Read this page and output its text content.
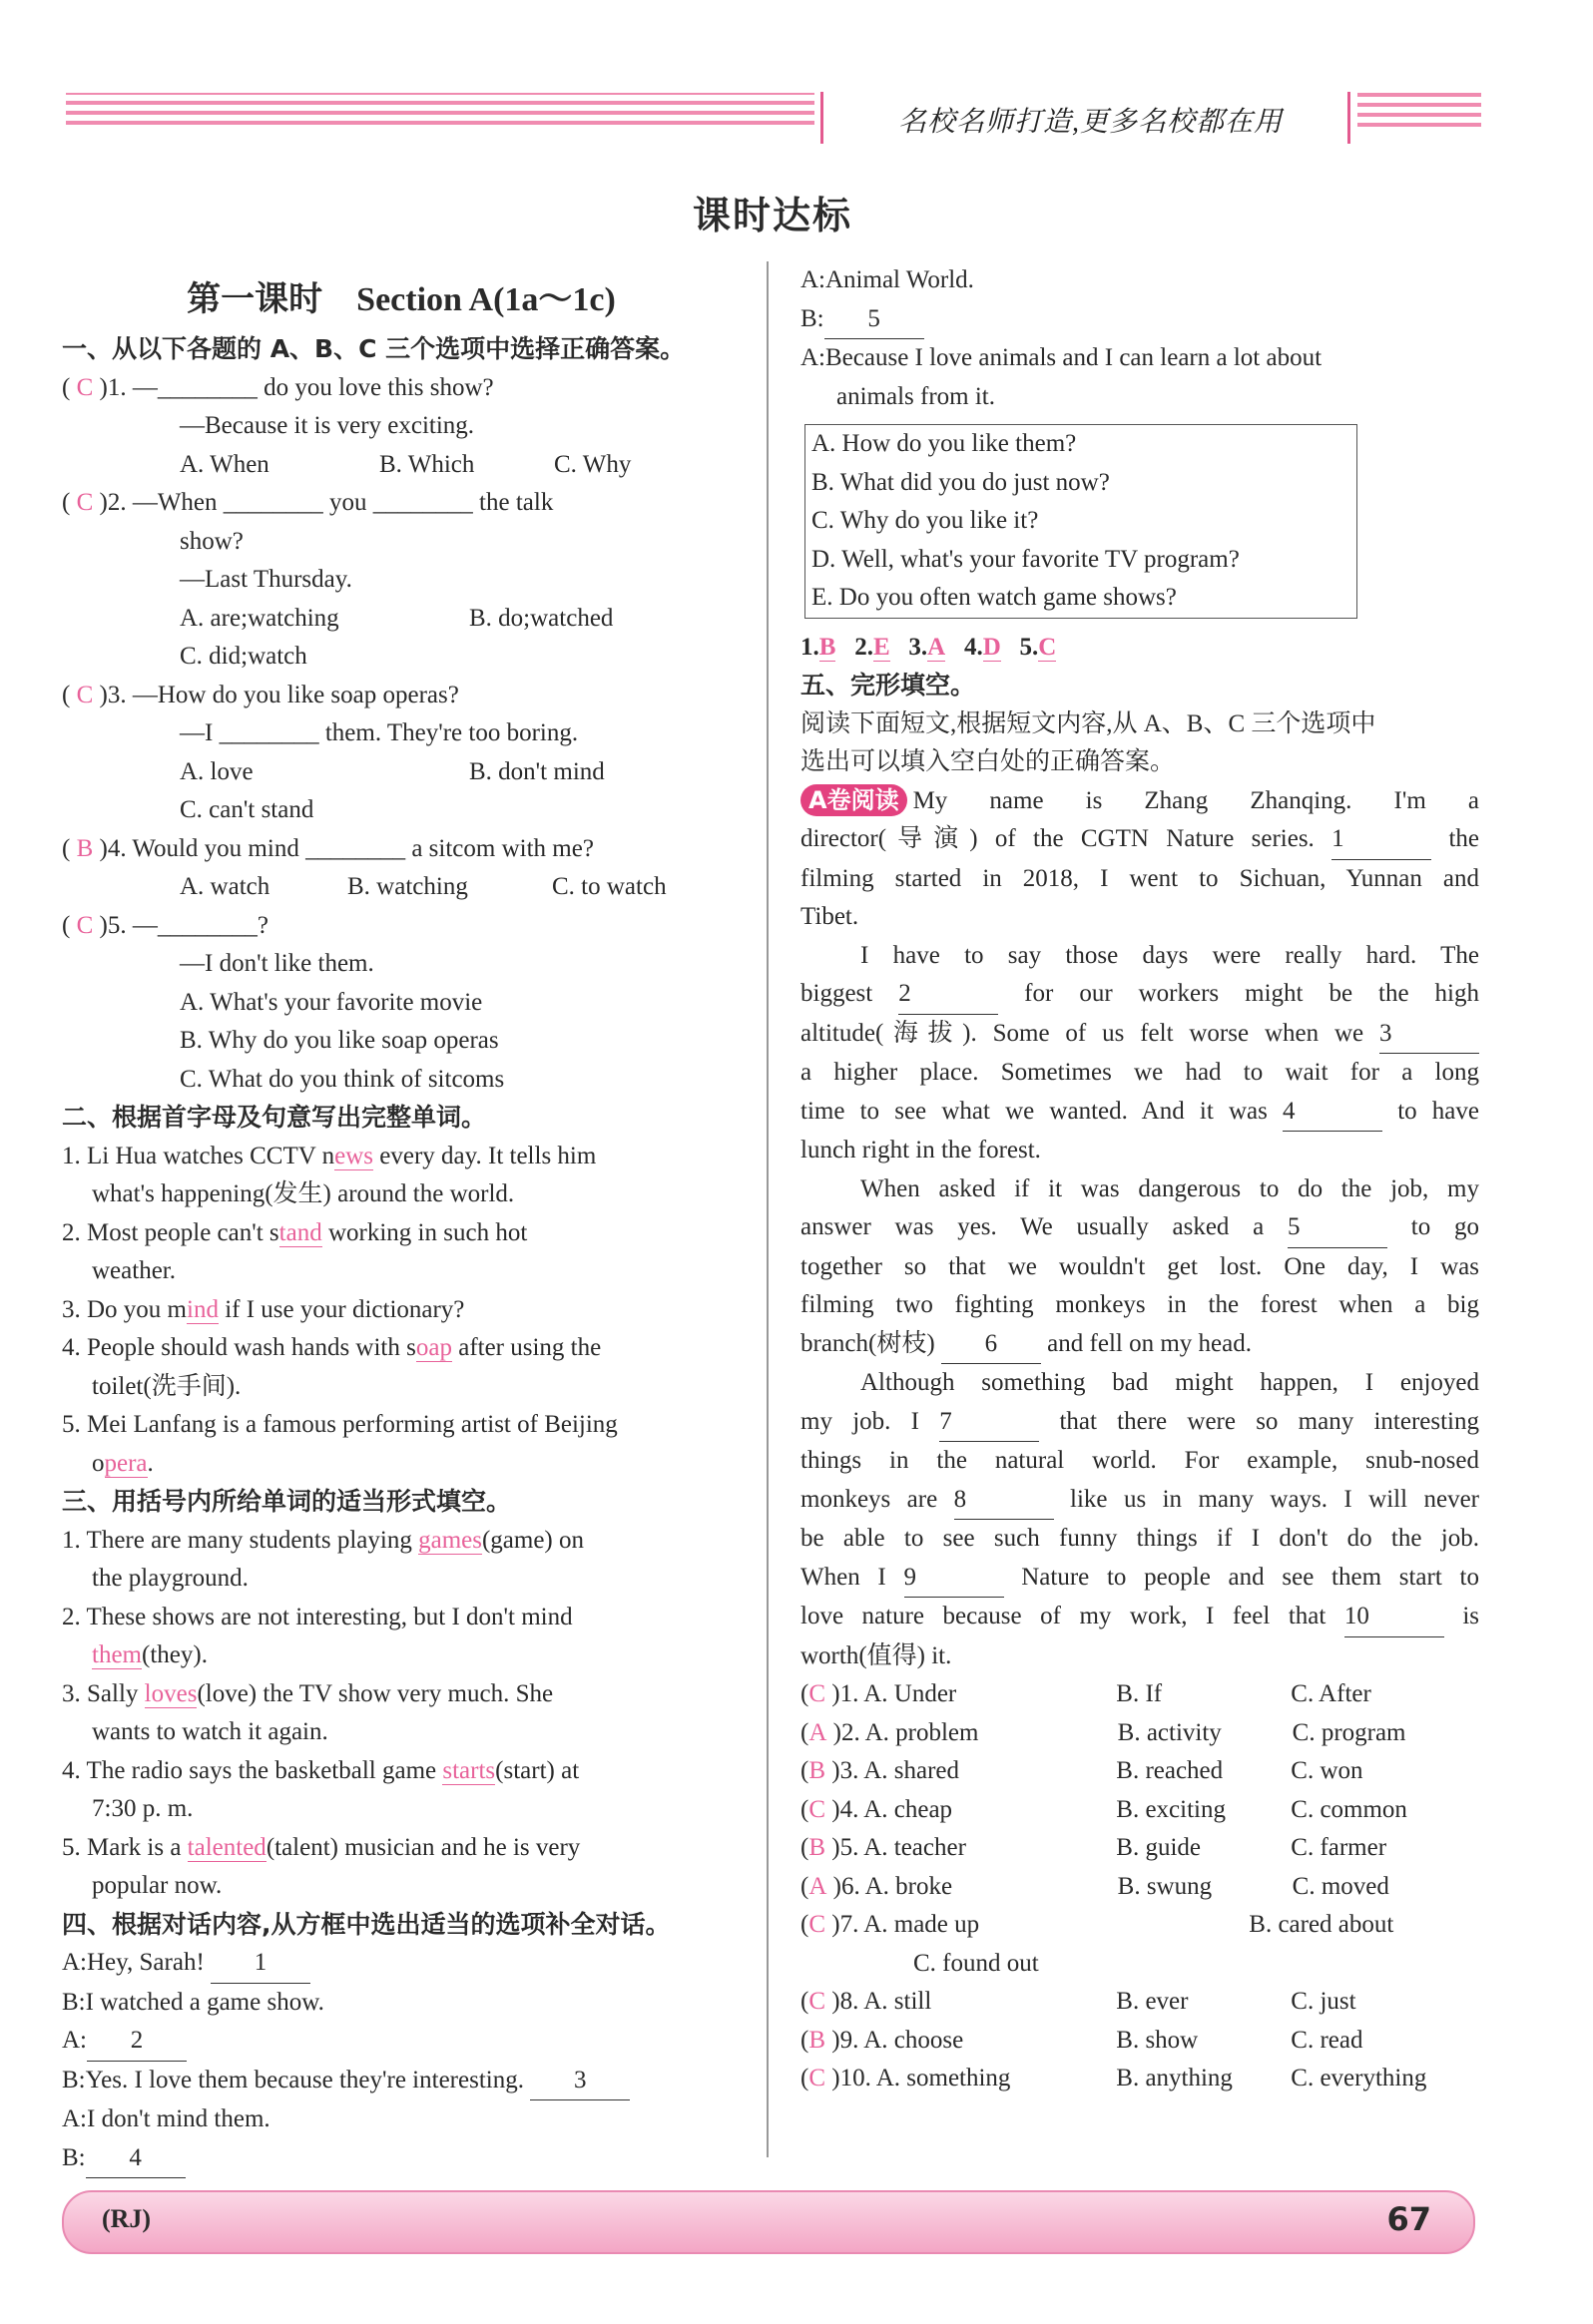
名校名师打造,更多名校都在用
课时达标
第一课时　Section A(1a～1c)
一、从以下各题的 A、B、C 三个选项中选择正确答案。
( C )1. —________ do you love this show?
—Because it is very exciting.
A. When	B. Which	C. Why
( C )2. —When ________ you ________ the talk
show?
—Last Thursday.
A. are;watching	B. do;watched
C. did;watch
( C )3. —How do you like soap operas?
—I ________ them. They're too boring.
A. love	B. don't mind
C. can't stand
( B )4. Would you mind ________ a sitcom with me?
A. watch	B. watching	C. to watch
( C )5. —________?
—I don't like them.
A. What's your favorite movie
B. Why do you like soap operas
C. What do you think of sitcoms
二、根据首字母及句意写出完整单词。
1. Li Hua watches CCTV news every day. It tells him
what's happening(发生) around the world.
2. Most people can't stand working in such hot
weather.
3. Do you mind if I use your dictionary?
4. People should wash hands with soap after using the
toilet(洗手间).
5. Mei Lanfang is a famous performing artist of Beijing
opera.
三、用括号内所给单词的适当形式填空。
1. There are many students playing games(game) on
the playground.
2. These shows are not interesting, but I don't mind
them(they).
3. Sally loves(love) the TV show very much. She
wants to watch it again.
4. The radio says the basketball game starts(start) at
7:30 p. m.
5. Mark is a talented(talent) musician and he is very
popular now.
四、根据对话内容,从方框中选出适当的选项补全对话。
A:Hey, Sarah! 1
B:I watched a game show.
A: 2
B:Yes. I love them because they're interesting. 3
A:I don't mind them.
B: 4
A:Animal World.
B: 5
A:Because I love animals and I can learn a lot about
animals from it.
A. How do you like them?
B. What did you do just now?
C. Why do you like it?
D. Well, what's your favorite TV program?
E. Do you often watch game shows?
1.B 2.E 3.A 4.D 5.C
五、完形填空。
阅读下面短文,根据短文内容,从 A、B、C 三个选项中
选出可以填入空白处的正确答案。
A卷阅读 My name is Zhang Zhanqing. I'm a
director(导演) of the CGTN Nature series. 1	the
filming started in 2018, I went to Sichuan, Yunnan and
Tibet.
I have to say those days were really hard. The
biggest 2	for our workers might be the high
altitude(海拔). Some of us felt worse when we 3
a higher place. Sometimes we had to wait for a long
time to see what we wanted. And it was 4	to have
lunch right in the forest.
When asked if it was dangerous to do the job, my
answer was yes. We usually asked a 5	to go
together so that we wouldn't get lost. One day, I was
filming two fighting monkeys in the forest when a big
branch(树枝) 6 and fell on my head.
Although something bad might happen, I enjoyed
my job. I 7	that there were so many interesting
things in the natural world. For example, snub-nosed
monkeys are 8	like us in many ways. I will never
be able to see such funny things if I don't do the job.
When I 9	Nature to people and see them start to
love nature because of my work, I feel that 10	is
worth(值得) it.
( C
)1. A. Under	B. If	C. After
( A
)2. A. problem	B. activity	C. program
( B
)3. A. shared	B. reached	C. won
( C
)4. A. cheap	B. exciting	C. common
( B
)5. A. teacher	B. guide	C. farmer
( A
)6. A. broke	B. swung	C. moved
( C
)7. A. made up	B. cared about
C. found out
( C
)8. A. still	B. ever	C. just
( B
)9. A. choose	B. show	C. read
( C
)10. A. something	B. anything	C. everything
(RJ)	67
